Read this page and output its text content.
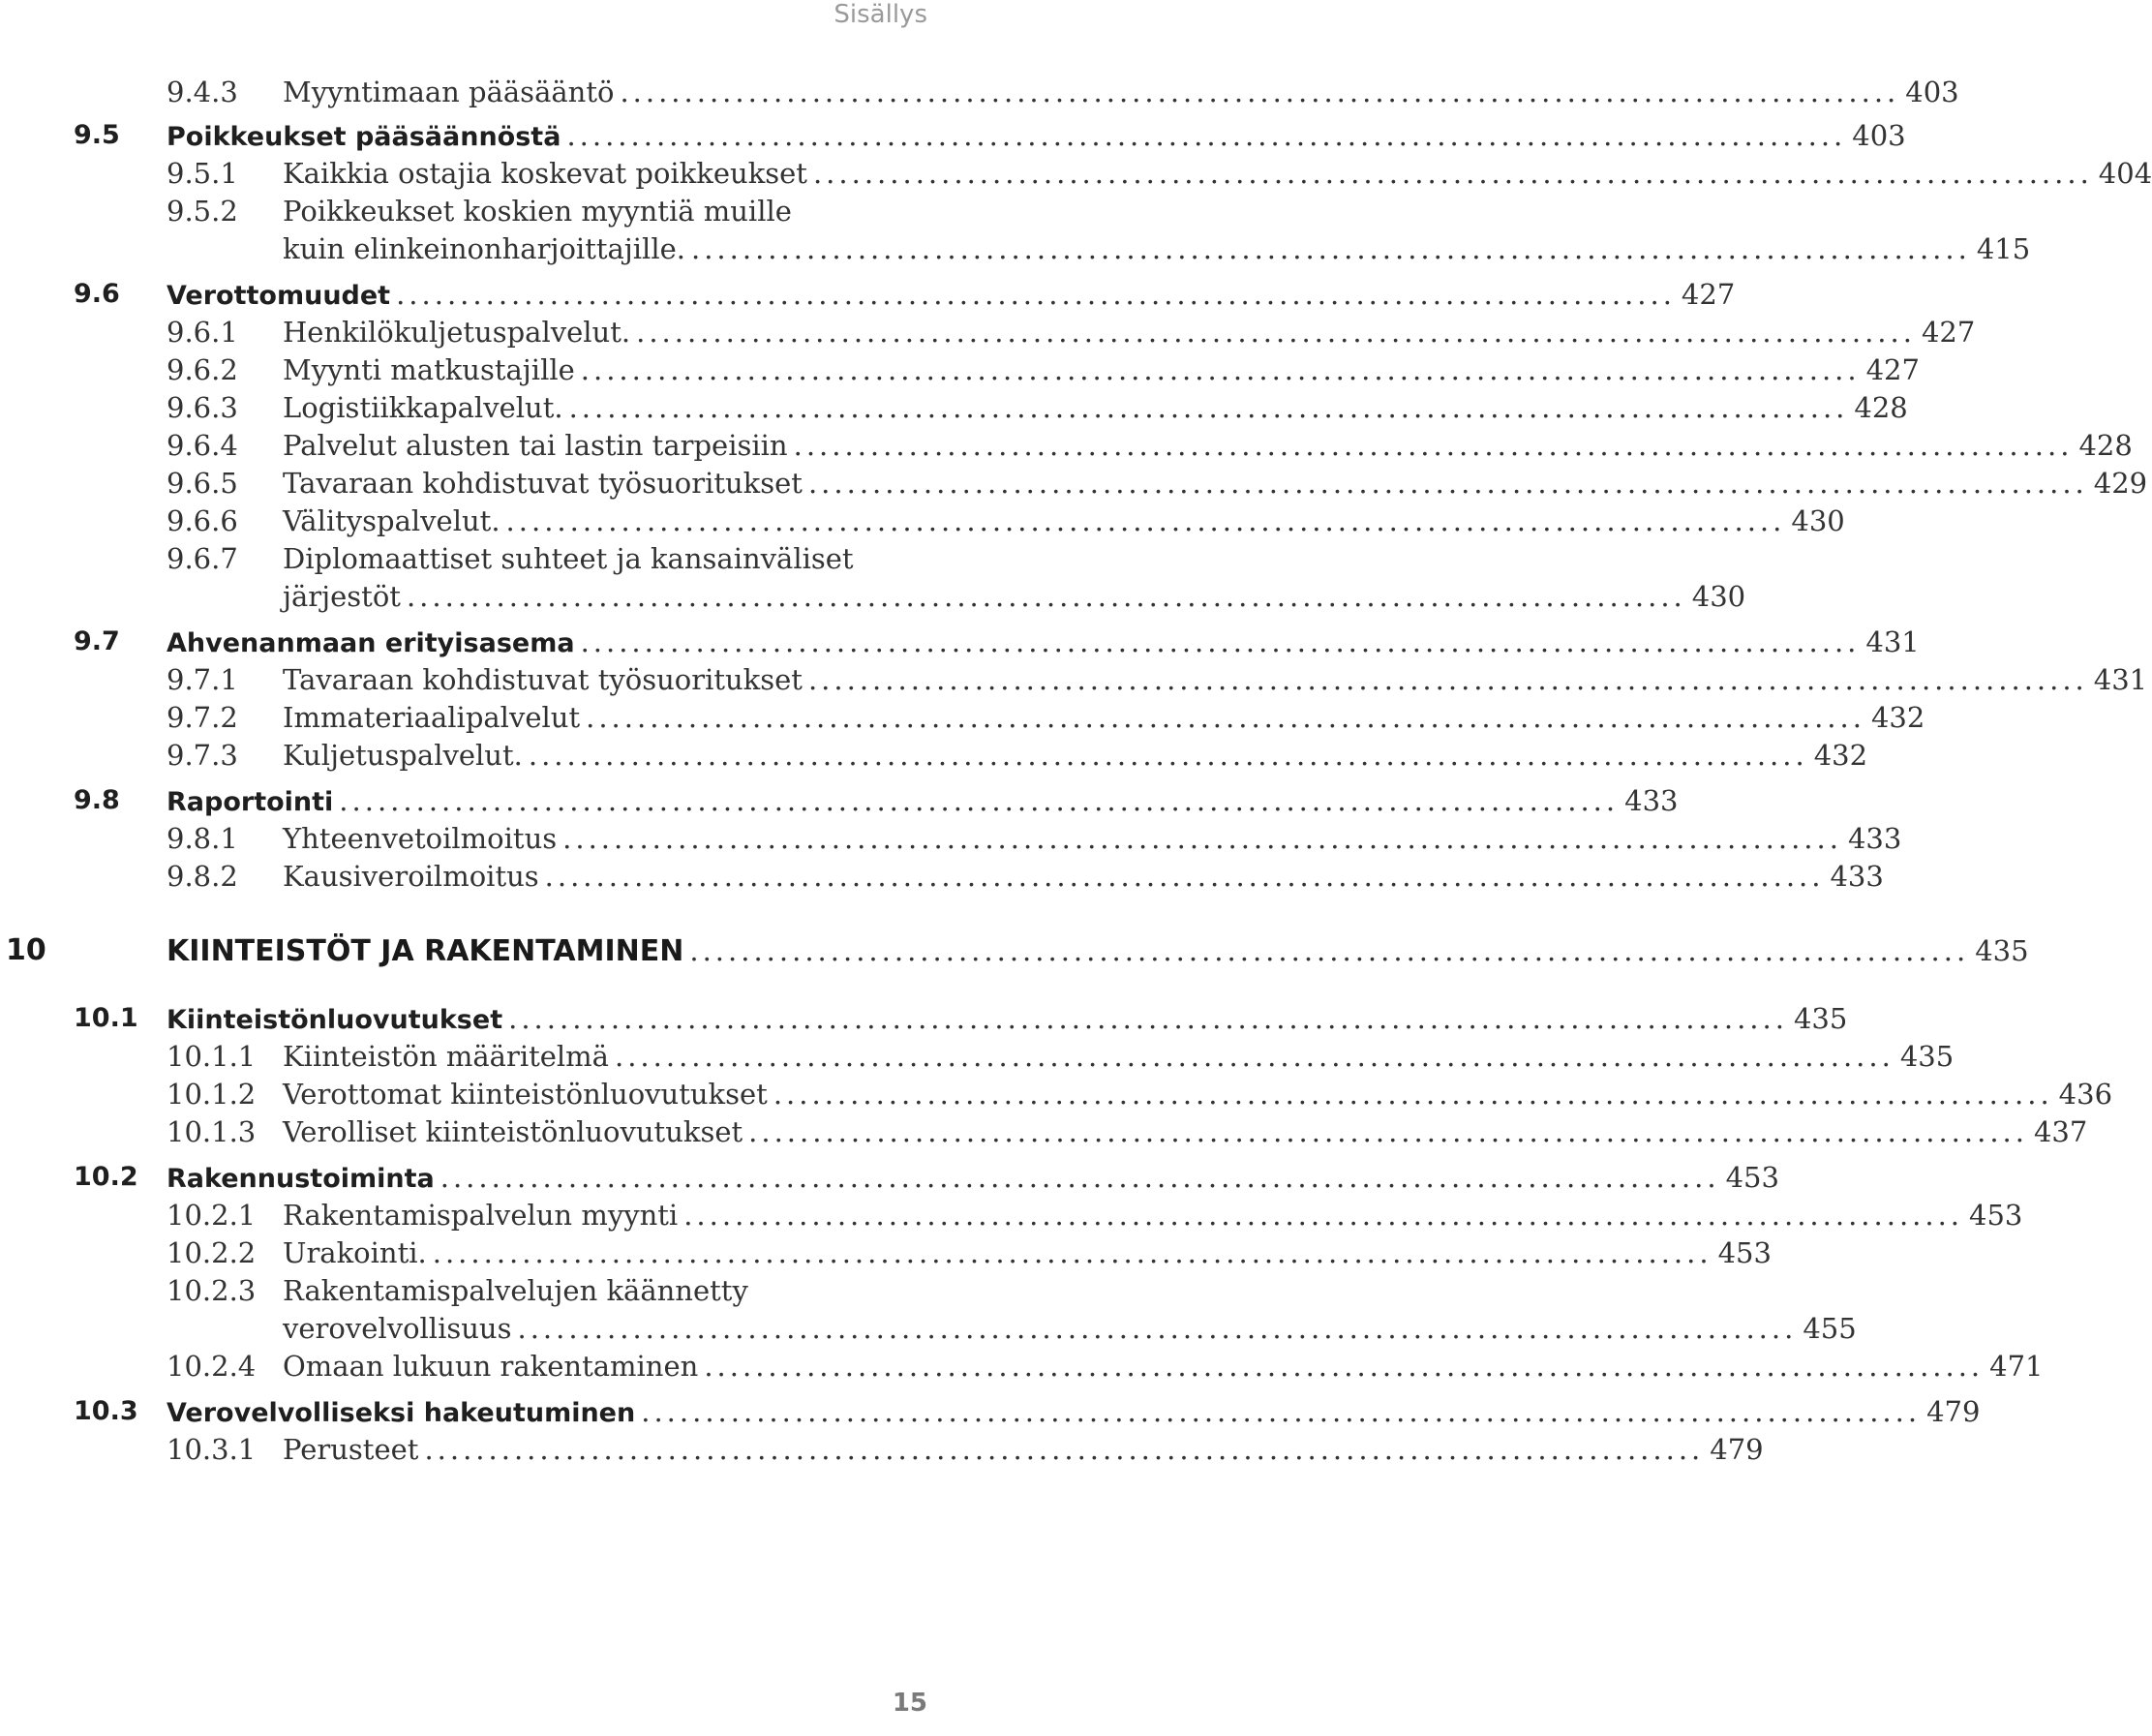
Sisällys
9.4.3 Myyntimaan pääsääntö .................................................................................................... 403
9.5 Poikkeukset pääsäännöstä .................................................................................................... 403
9.5.1 Kaikkia ostajia koskevat poikkeukset .................................................................................................... 404
9.5.2 Poikkeukset koskien myyntiä muille
kuin elinkeinonharjoittajille. .................................................................................................... 415
9.6 Verottomuudet .................................................................................................... 427
9.6.1 Henkilökuljetuspalvelut. .................................................................................................... 427
9.6.2 Myynti matkustajille .................................................................................................... 427
9.6.3 Logistiikkapalvelut. .................................................................................................... 428
9.6.4 Palvelut alusten tai lastin tarpeisiin .................................................................................................... 428
9.6.5 Tavaraan kohdistuvat työsuoritukset .................................................................................................... 429
9.6.6 Välityspalvelut. .................................................................................................... 430
9.6.7 Diplomaattiset suhteet ja kansainväliset
järjestöt .................................................................................................... 430
9.7 Ahvenanmaan erityisasema .................................................................................................... 431
9.7.1 Tavaraan kohdistuvat työsuoritukset .................................................................................................... 431
9.7.2 Immateriaalipalvelut .................................................................................................... 432
9.7.3 Kuljetuspalvelut. .................................................................................................... 432
9.8 Raportointi .................................................................................................... 433
9.8.1 Yhteenvetoilmoitus .................................................................................................... 433
9.8.2 Kausiveroilmoitus .................................................................................................... 433
10	KIINTEISTÖT JA RAKENTAMINEN .................................................................................................... 435
10.1 Kiinteistönluovutukset .................................................................................................... 435
10.1.1 Kiinteistön määritelmä .................................................................................................... 435
10.1.2 Verottomat kiinteistönluovutukset .................................................................................................... 436
10.1.3 Verolliset kiinteistönluovutukset .................................................................................................... 437
10.2 Rakennustoiminta .................................................................................................... 453
10.2.1 Rakentamispalvelun myynti .................................................................................................... 453
10.2.2 Urakointi. .................................................................................................... 453
10.2.3 Rakentamispalvelujen käännetty
verovelvollisuus .................................................................................................... 455
10.2.4 Omaan lukuun rakentaminen .................................................................................................... 471
10.3 Verovelvolliseksi hakeutuminen .................................................................................................... 479
10.3.1 Perusteet .................................................................................................... 479
15
